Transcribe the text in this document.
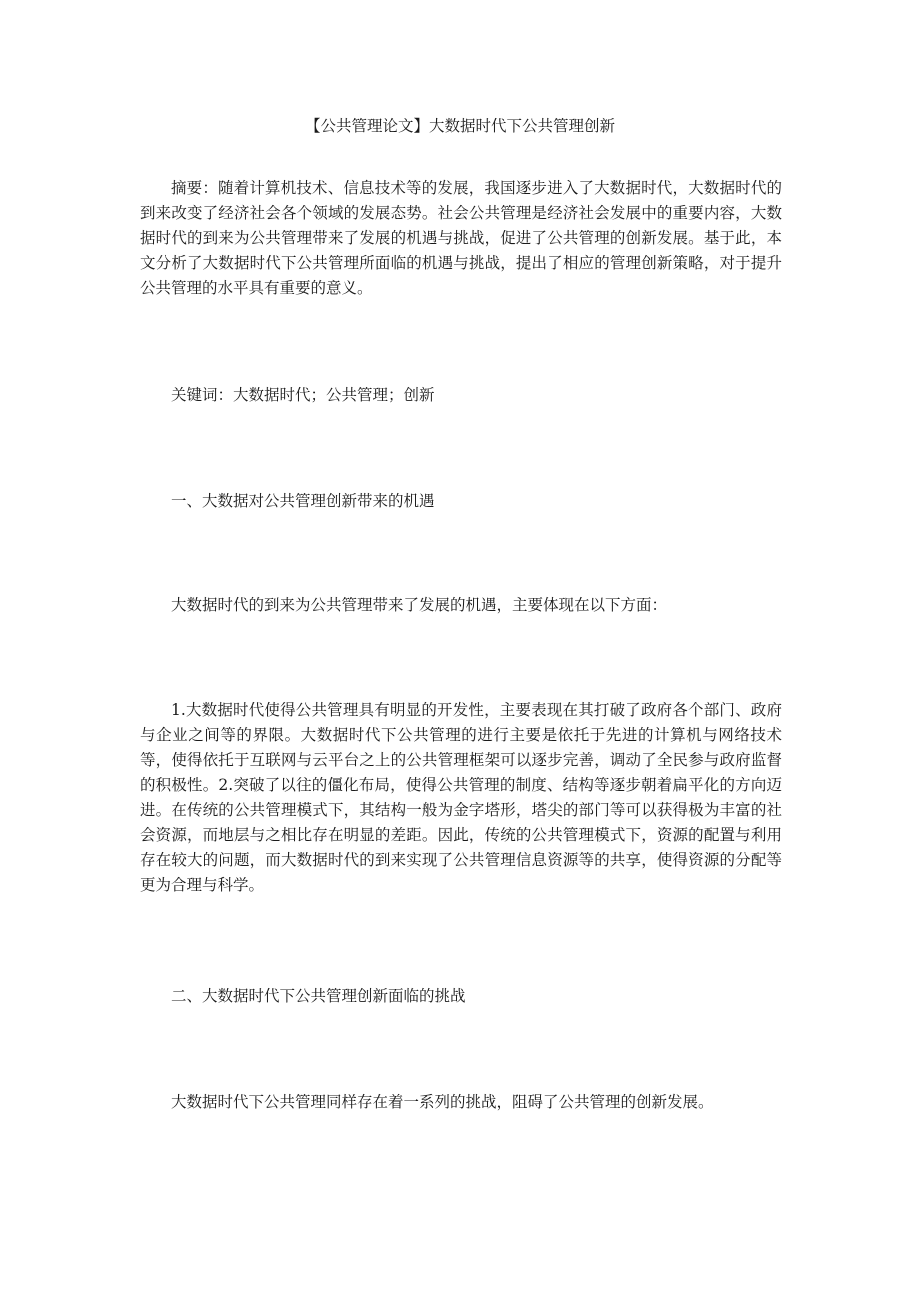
【公共管理论文】大数据时代下公共管理创新

摘要：随着计算机技术、信息技术等的发展，我国逐步进入了大数据时代，大数据时代的到来改变了经济社会各个领域的发展态势。社会公共管理是经济社会发展中的重要内容，大数据时代的到来为公共管理带来了发展的机遇与挑战，促进了公共管理的创新发展。基于此，本文分析了大数据时代下公共管理所面临的机遇与挑战，提出了相应的管理创新策略，对于提升公共管理的水平具有重要的意义。

关键词：大数据时代；公共管理；创新

一、大数据对公共管理创新带来的机遇

大数据时代的到来为公共管理带来了发展的机遇，主要体现在以下方面：

1.大数据时代使得公共管理具有明显的开发性，主要表现在其打破了政府各个部门、政府与企业之间等的界限。大数据时代下公共管理的进行主要是依托于先进的计算机与网络技术等，使得依托于互联网与云平台之上的公共管理框架可以逐步完善，调动了全民参与政府监督的积极性。2.突破了以往的僵化布局，使得公共管理的制度、结构等逐步朝着扁平化的方向迈进。在传统的公共管理模式下，其结构一般为金字塔形，塔尖的部门等可以获得极为丰富的社会资源，而地层与之相比存在明显的差距。因此，传统的公共管理模式下，资源的配置与利用存在较大的问题，而大数据时代的到来实现了公共管理信息资源等的共享，使得资源的分配等更为合理与科学。

二、大数据时代下公共管理创新面临的挑战

大数据时代下公共管理同样存在着一系列的挑战，阻碍了公共管理的创新发展。
